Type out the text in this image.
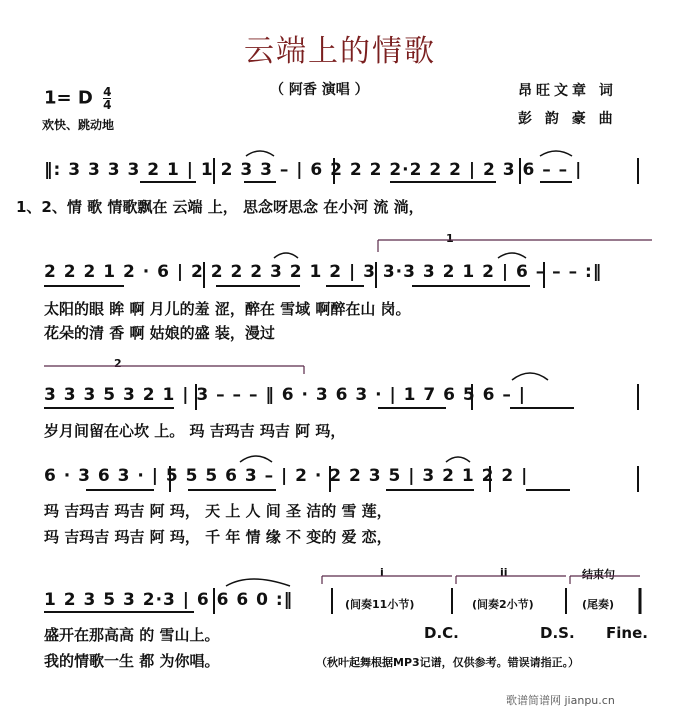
云端上的情歌
（ 阿香 演唱 ）
1= D $\frac{4}{4}$
欢快、跳动地
昂旺文章 词
彭 韵 豪 曲
‖: 3 3 3 3 2 1 | 1 2 3 3 – | 6 2 2 2 2·2 2 2 | 2 3 6 – – |
1、2、情 歌 情歌飘在 云端 上， 思念呀思念 在小河 流 淌，
1
2 2 2 1 2 · 6 | 2 2 2 2 3 2 1 2 | 3 3·3 3 2 1 2 | 6 – – – :‖
太阳的眼 眸 啊 月儿的羞 涩，醉在 雪域 啊醉在山 岗。
花朵的清 香 啊 姑娘的盛 装，漫过
2
3 3 3 5 3 2 1 | 3 – – – ‖ 6 · 3 6 3 · | 1 7 6 5 6 – |
岁月间留在心坎 上。 玛 吉玛吉 玛吉 阿 玛，
6 · 3 6 3 · | 5 5 5 6 3 – | 2 · 2 2 3 5 | 3 2 1 2 2 |
玛 吉玛吉 玛吉 阿 玛， 天 上 人 间 圣 洁的 雪 莲，
玛 吉玛吉 玛吉 阿 玛， 千 年 情 缘 不 变的 爱 恋，
i	ii	结束句
1 2 3 5 3 2·3 | 6 6 6 0 :‖	(间奏11小节)	(间奏2小节)	(尾奏)
盛开在那高高 的 雪山上。	D.C.	D.S. Fine.
我的情歌一生 都 为你唱。	（秋叶起舞根据MP3记谱，仅供参考。错误请指正。）
歌谱简谱网 jianpu.cn
